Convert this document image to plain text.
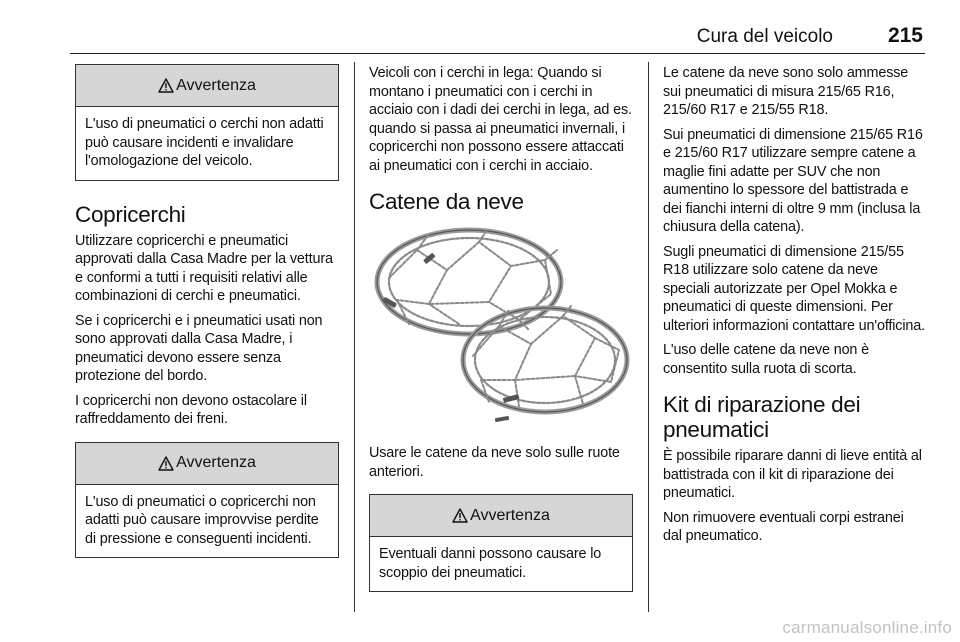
Cura del veicolo	215
Avvertenza
L'uso di pneumatici o cerchi non adatti può causare incidenti e invalidare l'omologazione del veicolo.
Copricerchi

Utilizzare copricerchi e pneumatici approvati dalla Casa Madre per la vettura e conformi a tutti i requisiti relativi alle combinazioni di cerchi e pneumatici.

Se i copricerchi e i pneumatici usati non sono approvati dalla Casa Madre, i pneumatici devono essere senza protezione del bordo.

I copricerchi non devono ostacolare il raffreddamento dei freni.

Avvertenza
L'uso di pneumatici o copricerchi non adatti può causare improvvise perdite di pressione e conseguenti incidenti.

Veicoli con i cerchi in lega: Quando si montano i pneumatici con i cerchi in acciaio con i dadi dei cerchi in lega, ad es. quando si passa ai pneumatici invernali, i copricerchi non possono essere attaccati ai pneumatici con i cerchi in acciaio.

Catene da neve

Usare le catene da neve solo sulle ruote anteriori.

Avvertenza
Eventuali danni possono causare lo scoppio dei pneumatici.

Le catene da neve sono solo ammesse sui pneumatici di misura 215/65 R16, 215/60 R17 e 215/55 R18.

Sui pneumatici di dimensione 215/65 R16 e 215/60 R17 utilizzare sempre catene a maglie fini adatte per SUV che non aumentino lo spessore del battistrada e dei fianchi interni di oltre 9 mm (inclusa la chiusura della catena).

Sugli pneumatici di dimensione 215/55 R18 utilizzare solo catene da neve speciali autorizzate per Opel Mokka e pneumatici di queste dimensioni. Per ulteriori informazioni contattare un'officina.

L'uso delle catene da neve non è consentito sulla ruota di scorta.

Kit di riparazione dei pneumatici

È possibile riparare danni di lieve entità al battistrada con il kit di riparazione dei pneumatici.

Non rimuovere eventuali corpi estranei dal pneumatico.

carmanualsonline.info
